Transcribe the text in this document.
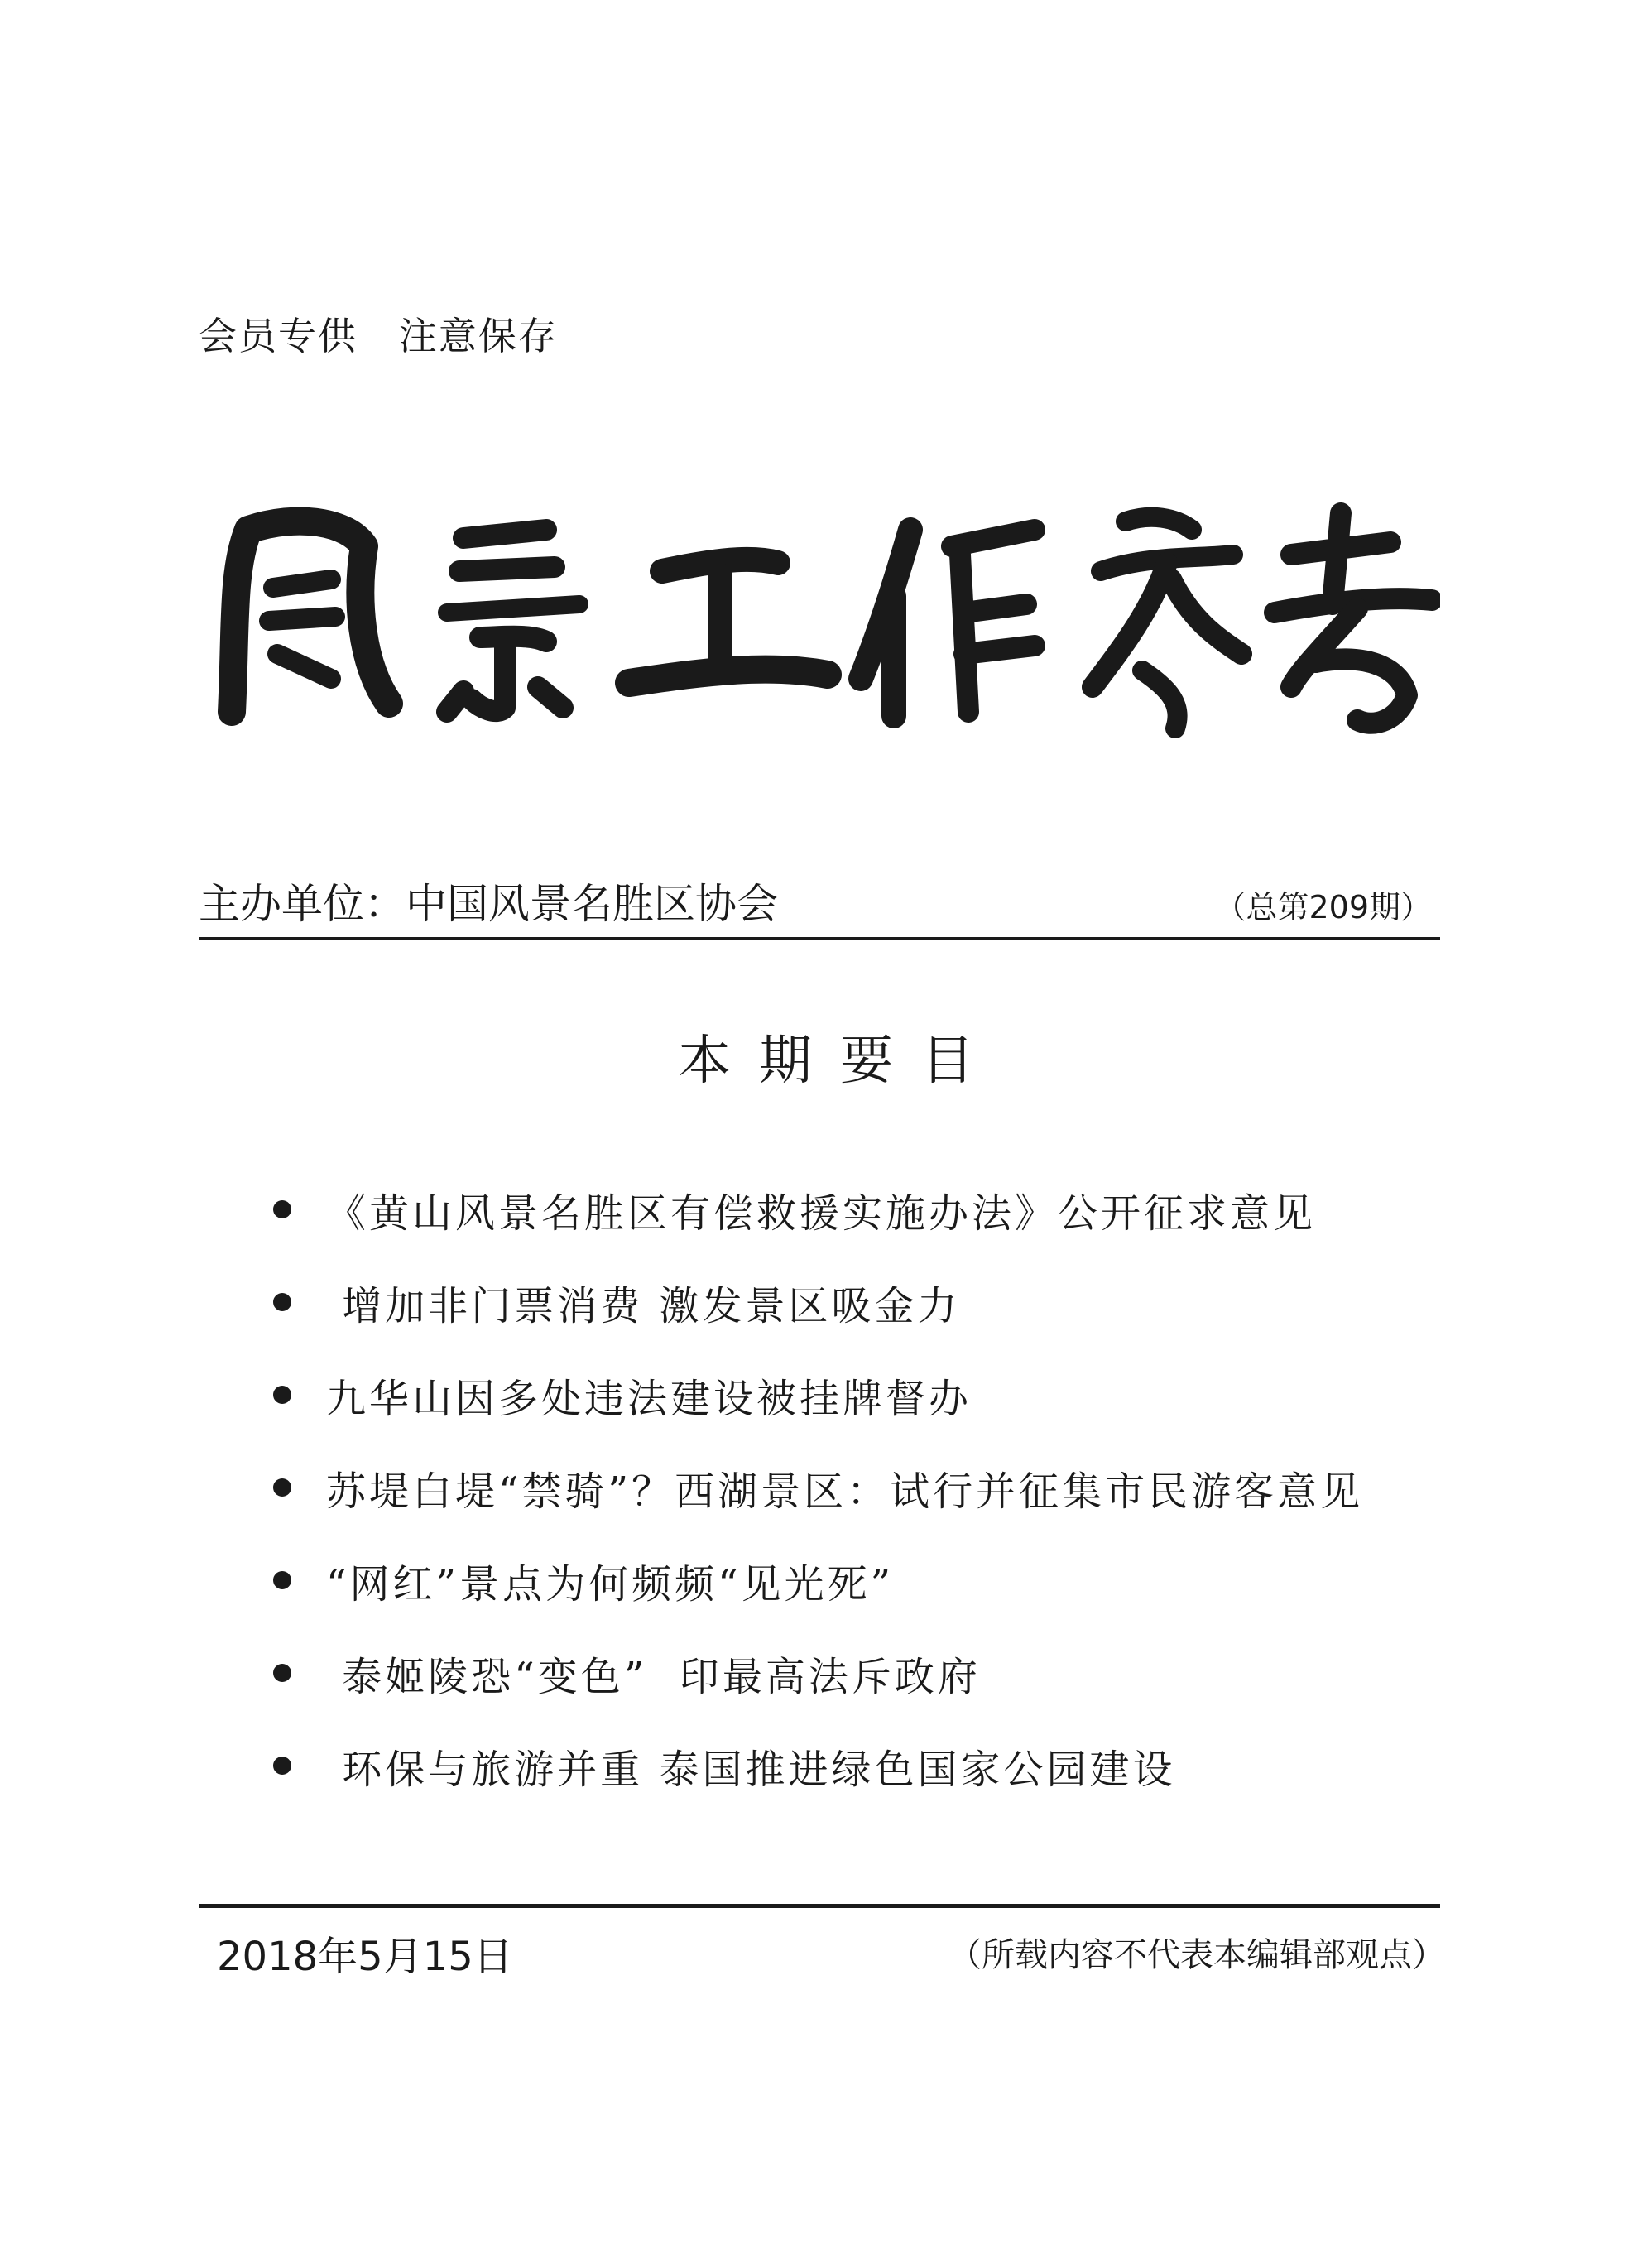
会员专供   注意保存
主办单位：中国风景名胜区协会	（总第209期）
本期要目
《黄山风景名胜区有偿救援实施办法》公开征求意见
增加非门票消费 激发景区吸金力
九华山因多处违法建设被挂牌督办
苏堤白堤“禁骑”？西湖景区：试行并征集市民游客意见
“网红”景点为何频频“见光死”
泰姬陵恐“变色”  印最高法斥政府
环保与旅游并重 泰国推进绿色国家公园建设
2018年5月15日	（所载内容不代表本编辑部观点）
